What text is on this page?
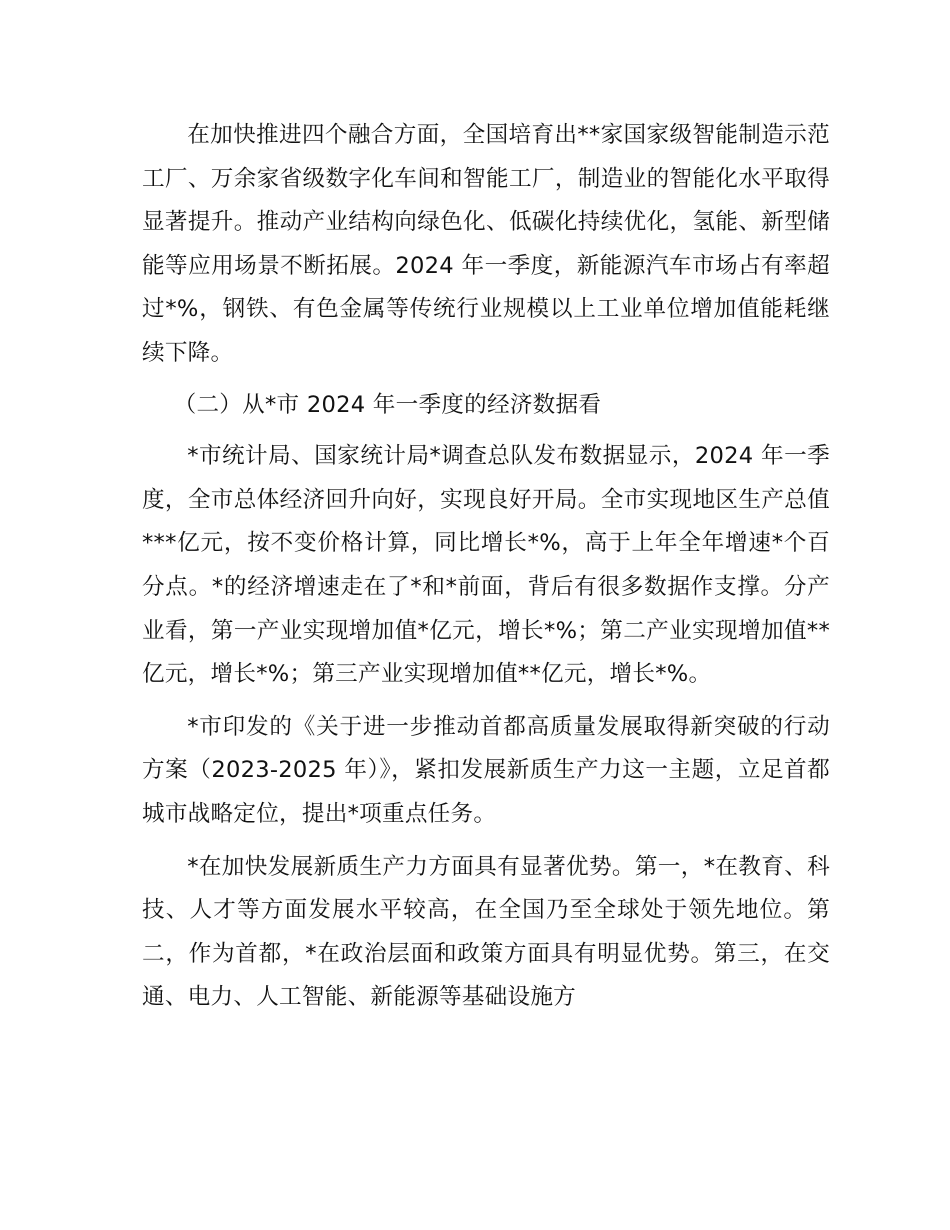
在加快推进四个融合方面，全国培育出**家国家级智能制造示范工厂、万余家省级数字化车间和智能工厂，制造业的智能化水平取得显著提升。推动产业结构向绿色化、低碳化持续优化，氢能、新型储能等应用场景不断拓展。2024 年一季度，新能源汽车市场占有率超过*%，钢铁、有色金属等传统行业规模以上工业单位增加值能耗继续下降。

（二）从*市 2024 年一季度的经济数据看

*市统计局、国家统计局*调查总队发布数据显示，2024 年一季度，全市总体经济回升向好，实现良好开局。全市实现地区生产总值***亿元，按不变价格计算，同比增长*%，高于上年全年增速*个百分点。*的经济增速走在了*和*前面，背后有很多数据作支撑。分产业看，第一产业实现增加值*亿元，增长*%；第二产业实现增加值**亿元，增长*%；第三产业实现增加值**亿元，增长*%。

*市印发的《关于进一步推动首都高质量发展取得新突破的行动方案（2023-2025 年）》，紧扣发展新质生产力这一主题，立足首都城市战略定位，提出*项重点任务。

*在加快发展新质生产力方面具有显著优势。第一，*在教育、科技、人才等方面发展水平较高，在全国乃至全球处于领先地位。第二，作为首都，*在政治层面和政策方面具有明显优势。第三，在交通、电力、人工智能、新能源等基础设施方
